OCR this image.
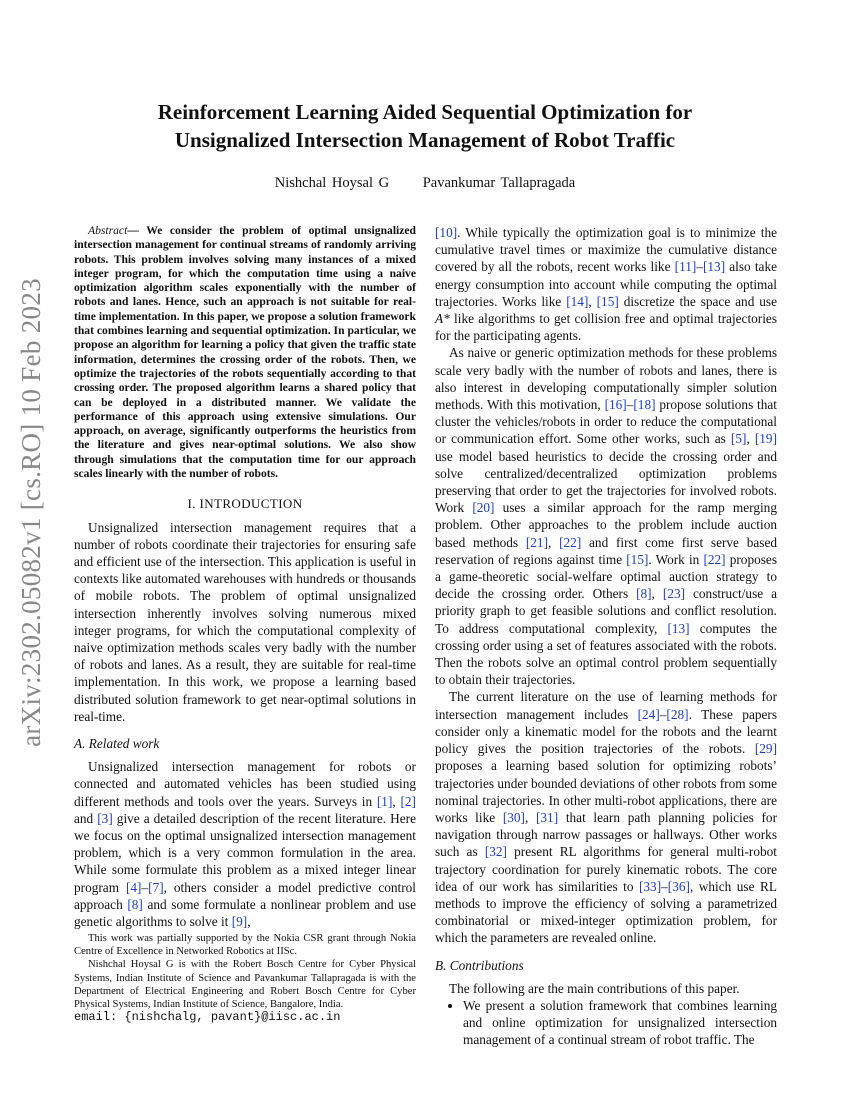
arXiv:2302.05082v1 [cs.RO] 10 Feb 2023
Reinforcement Learning Aided Sequential Optimization for
Unsignalized Intersection Management of Robot Traffic
Nishchal Hoysal G Pavankumar Tallapragada
Abstract— We consider the problem of optimal unsignalized intersection management for continual streams of randomly arriving robots. This problem involves solving many instances of a mixed integer program, for which the computation time using a naive optimization algorithm scales exponentially with the number of robots and lanes. Hence, such an approach is not suitable for real-time implementation. In this paper, we propose a solution framework that combines learning and sequential optimization. In particular, we propose an algorithm for learning a policy that given the traffic state information, determines the crossing order of the robots. Then, we optimize the trajectories of the robots sequentially according to that crossing order. The proposed algorithm learns a shared policy that can be deployed in a distributed manner. We validate the performance of this approach using extensive simulations. Our approach, on average, significantly outperforms the heuristics from the literature and gives near-optimal solutions. We also show through simulations that the computation time for our approach scales linearly with the number of robots.
I. INTRODUCTION

Unsignalized intersection management requires that a number of robots coordinate their trajectories for ensuring safe and efficient use of the intersection. This application is useful in contexts like automated warehouses with hundreds or thousands of mobile robots. The problem of optimal unsignalized intersection inherently involves solving numerous mixed integer programs, for which the computational complexity of naive optimization methods scales very badly with the number of robots and lanes. As a result, they are suitable for real-time implementation. In this work, we propose a learning based distributed solution framework to get near-optimal solutions in real-time.

A. Related work

Unsignalized intersection management for robots or connected and automated vehicles has been studied using different methods and tools over the years. Surveys in [1], [2] and [3] give a detailed description of the recent literature. Here we focus on the optimal unsignalized intersection management problem, which is a very common formulation in the area. While some formulate this problem as a mixed integer linear program [4]–[7], others consider a model predictive control approach [8] and some formulate a nonlinear problem and use genetic algorithms to solve it [9],

This work was partially supported by the Nokia CSR grant through Nokia Centre of Excellence in Networked Robotics at IISc.

Nishchal Hoysal G is with the Robert Bosch Centre for Cyber Physical Systems, Indian Institute of Science and Pavankumar Tallapragada is with the Department of Electrical Engineering and Robert Bosch Centre for Cyber Physical Systems, Indian Institute of Science, Bangalore, India.

email: {nishchalg, pavant}@iisc.ac.in

[10]. While typically the optimization goal is to minimize the cumulative travel times or maximize the cumulative distance covered by all the robots, recent works like [11]–[13] also take energy consumption into account while computing the optimal trajectories. Works like [14], [15] discretize the space and use A* like algorithms to get collision free and optimal trajectories for the participating agents.

As naive or generic optimization methods for these problems scale very badly with the number of robots and lanes, there is also interest in developing computationally simpler solution methods. With this motivation, [16]–[18] propose solutions that cluster the vehicles/robots in order to reduce the computational or communication effort. Some other works, such as [5], [19] use model based heuristics to decide the crossing order and solve centralized/decentralized optimization problems preserving that order to get the trajectories for involved robots. Work [20] uses a similar approach for the ramp merging problem. Other approaches to the problem include auction based methods [21], [22] and first come first serve based reservation of regions against time [15]. Work in [22] proposes a game-theoretic social-welfare optimal auction strategy to decide the crossing order. Others [8], [23] construct/use a priority graph to get feasible solutions and conflict resolution. To address computational complexity, [13] computes the crossing order using a set of features associated with the robots. Then the robots solve an optimal control problem sequentially to obtain their trajectories.

The current literature on the use of learning methods for intersection management includes [24]–[28]. These papers consider only a kinematic model for the robots and the learnt policy gives the position trajectories of the robots. [29] proposes a learning based solution for optimizing robots’ trajectories under bounded deviations of other robots from some nominal trajectories. In other multi-robot applications, there are works like [30], [31] that learn path planning policies for navigation through narrow passages or hallways. Other works such as [32] present RL algorithms for general multi-robot trajectory coordination for purely kinematic robots. The core idea of our work has similarities to [33]–[36], which use RL methods to improve the efficiency of solving a parametrized combinatorial or mixed-integer optimization problem, for which the parameters are revealed online.

B. Contributions

The following are the main contributions of this paper.

• We present a solution framework that combines learning and online optimization for unsignalized intersection management of a continual stream of robot traffic. The
